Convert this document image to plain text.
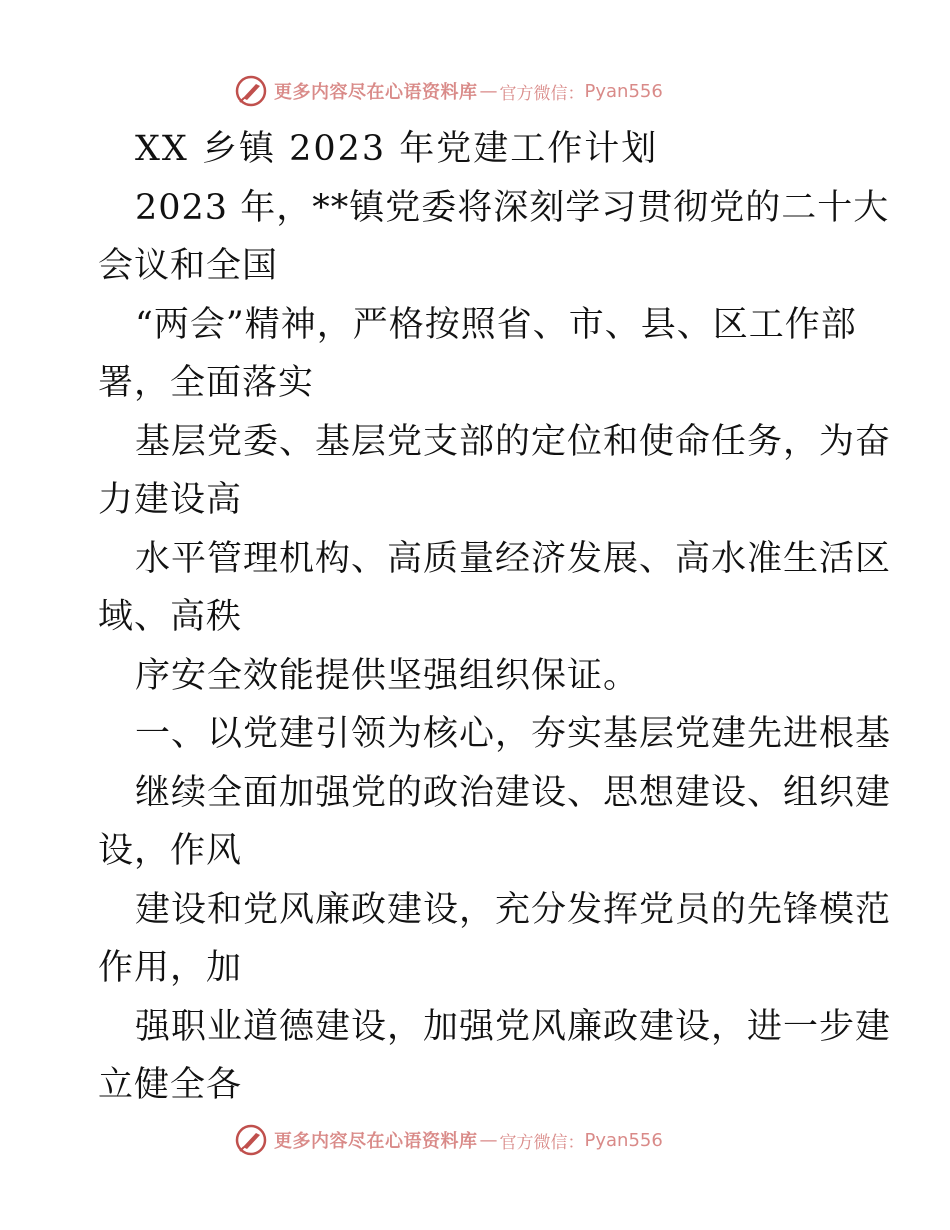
更多内容尽在心语资料库 — 官方微信： Pyan556
XX 乡镇 2023 年党建工作计划
2023 年，**镇党委将深刻学习贯彻党的二十大
会议和全国
“两会”精神，严格按照省、市、县、区工作部
署，全面落实
基层党委、基层党支部的定位和使命任务，为奋
力建设高
水平管理机构、高质量经济发展、高水准生活区
域、高秩
序安全效能提供坚强组织保证。
一、以党建引领为核心，夯实基层党建先进根基
继续全面加强党的政治建设、思想建设、组织建
设，作风
建设和党风廉政建设，充分发挥党员的先锋模范
作用，加
强职业道德建设，加强党风廉政建设，进一步建
立健全各
更多内容尽在心语资料库 — 官方微信： Pyan556
